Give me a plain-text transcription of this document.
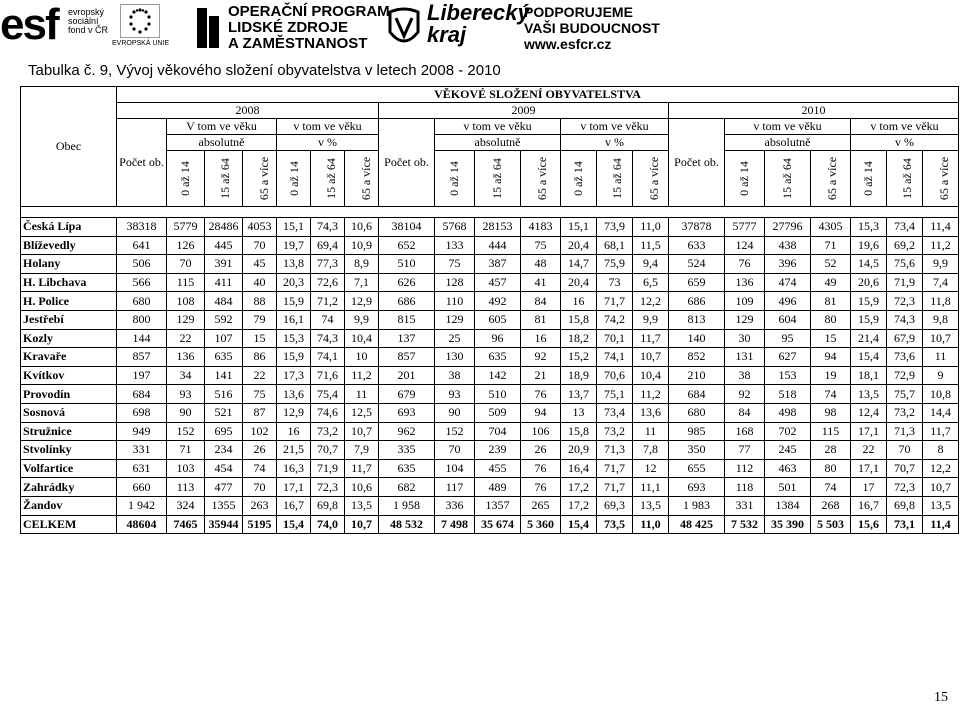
esf evropský
sociální
fond v ČR
EVROPSKÁ UNIE
OPERAČNÍ PROGRAM
LIDSKÉ ZDROJE
A ZAMĚSTNANOST
Liberecký
kraj
PODPORUJEME
VAŠI BUDOUCNOST
www.esfcr.cz
Tabulka č. 9, Vývoj věkového složení obyvatelstva v letech 2008 - 2010
Obec	VĚKOVÉ SLOŽENÍ OBYVATELSTVA																				
	2008							2009							2010						
	Počet ob.	V tom ve věku			v tom ve věku			Počet ob.	v tom ve věku			v tom ve věku			Počet ob.	v tom ve věku			v tom ve věku		
		absolutně			v %				absolutně			v %				absolutně			v %		
		0 až 14	15 až 64	65 a více	0 až 14	15 až 64	65 a více		0 až 14	15 až 64	65 a více	0 až 14	15 až 64	65 a více		0 až 14	15 až 64	65 a více	0 až 14	15 až 64	65 a více

Česká Lípa	38318	5779	28486	4053	15,1	74,3	10,6	38104	5768	28153	4183	15,1	73,9	11,0	37878	5777	27796	4305	15,3	73,4	11,4
Blíževedly	641	126	445	70	19,7	69,4	10,9	652	133	444	75	20,4	68,1	11,5	633	124	438	71	19,6	69,2	11,2
Holany	506	70	391	45	13,8	77,3	8,9	510	75	387	48	14,7	75,9	9,4	524	76	396	52	14,5	75,6	9,9
H. Libchava	566	115	411	40	20,3	72,6	7,1	626	128	457	41	20,4	73	6,5	659	136	474	49	20,6	71,9	7,4
H. Police	680	108	484	88	15,9	71,2	12,9	686	110	492	84	16	71,7	12,2	686	109	496	81	15,9	72,3	11,8
Jestřebí	800	129	592	79	16,1	74	9,9	815	129	605	81	15,8	74,2	9,9	813	129	604	80	15,9	74,3	9,8
Kozly	144	22	107	15	15,3	74,3	10,4	137	25	96	16	18,2	70,1	11,7	140	30	95	15	21,4	67,9	10,7
Kravaře	857	136	635	86	15,9	74,1	10	857	130	635	92	15,2	74,1	10,7	852	131	627	94	15,4	73,6	11
Kvítkov	197	34	141	22	17,3	71,6	11,2	201	38	142	21	18,9	70,6	10,4	210	38	153	19	18,1	72,9	9
Provodín	684	93	516	75	13,6	75,4	11	679	93	510	76	13,7	75,1	11,2	684	92	518	74	13,5	75,7	10,8
Sosnová	698	90	521	87	12,9	74,6	12,5	693	90	509	94	13	73,4	13,6	680	84	498	98	12,4	73,2	14,4
Stružnice	949	152	695	102	16	73,2	10,7	962	152	704	106	15,8	73,2	11	985	168	702	115	17,1	71,3	11,7
Stvolínky	331	71	234	26	21,5	70,7	7,9	335	70	239	26	20,9	71,3	7,8	350	77	245	28	22	70	8
Volfartice	631	103	454	74	16,3	71,9	11,7	635	104	455	76	16,4	71,7	12	655	112	463	80	17,1	70,7	12,2
Zahrádky	660	113	477	70	17,1	72,3	10,6	682	117	489	76	17,2	71,7	11,1	693	118	501	74	17	72,3	10,7
Žandov	1 942	324	1355	263	16,7	69,8	13,5	1 958	336	1357	265	17,2	69,3	13,5	1 983	331	1384	268	16,7	69,8	13,5
CELKEM	48604	7465	35944	5195	15,4	74,0	10,7	48 532	7 498	35 674	5 360	15,4	73,5	11,0	48 425	7 532	35 390	5 503	15,6	73,1	11,4
15
